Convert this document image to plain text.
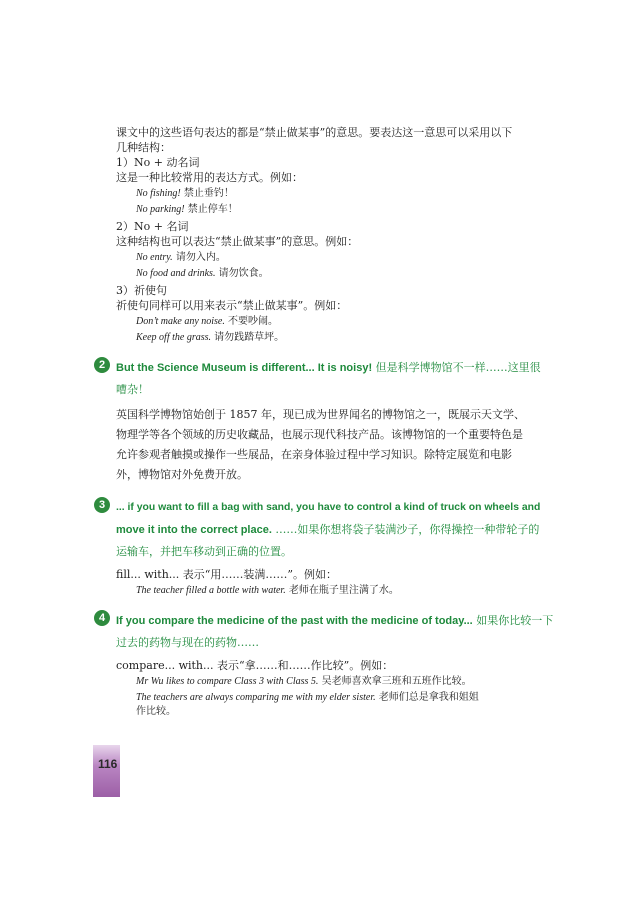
课文中的这些语句表达的都是“禁止做某事”的意思。要表达这一意思可以采用以下
几种结构：
1）No + 动名词
这是一种比较常用的表达方式。例如：
No fishing! 禁止垂钓！
No parking! 禁止停车！
2）No + 名词
这种结构也可以表达“禁止做某事”的意思。例如：
No entry. 请勿入内。
No food and drinks. 请勿饮食。
3）祈使句
祈使句同样可以用来表示“禁止做某事”。例如：
Don’t make any noise. 不要吵闹。
Keep off the grass. 请勿践踏草坪。
2 But the Science Museum is different... It is noisy! 但是科学博物馆不一样……这里很
嘈杂！
英国科学博物馆始创于 1857 年，现已成为世界闻名的博物馆之一，既展示天文学、
物理学等各个领域的历史收藏品，也展示现代科技产品。该博物馆的一个重要特色是
允许参观者触摸或操作一些展品，在亲身体验过程中学习知识。除特定展览和电影
外，博物馆对外免费开放。
3	... if you want to fill a bag with sand, you have to control a kind of truck on wheels and
move it into the correct place. ……如果你想将袋子装满沙子，你得操控一种带轮子的
运输车，并把车移动到正确的位置。
fill... with... 表示“用……装满……”。例如：
The teacher filled a bottle with water. 老师在瓶子里注满了水。
4 If you compare the medicine of the past with the medicine of today... 如果你比较一下
过去的药物与现在的药物……
compare... with... 表示“拿……和……作比较”。例如：
Mr Wu likes to compare Class 3 with Class 5. 吴老师喜欢拿三班和五班作比较。
The teachers are always comparing me with my elder sister. 老师们总是拿我和姐姐
作比较。
116
